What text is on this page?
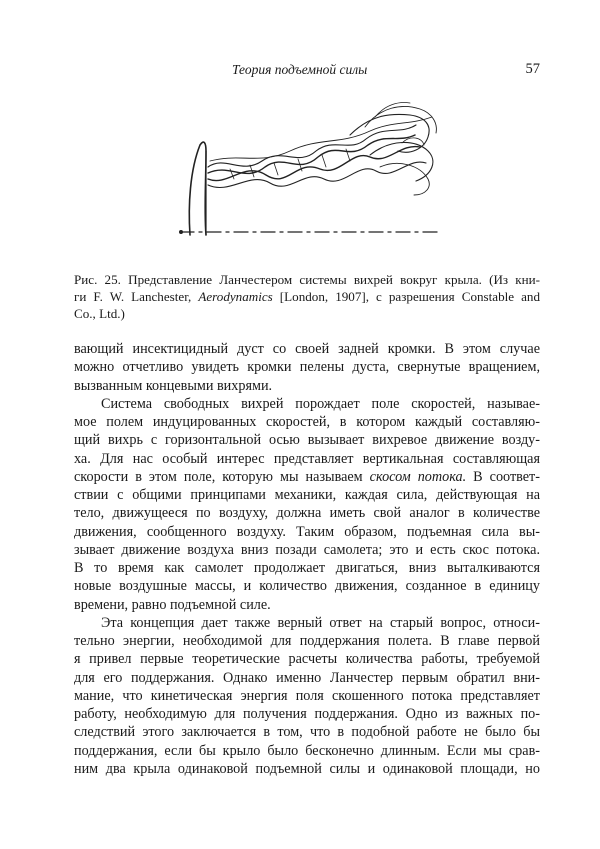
Теория подъемной силы	57
Рис. 25. Представление Ланчестером системы вихрей вокруг крыла. (Из кни-
ги F. W. Lanchester, Aerodynamics [London, 1907], с разрешения Constable and
Co., Ltd.)

вающий инсектицидный дуст со своей задней кромки. В этом случае
можно отчетливо увидеть кромки пелены дуста, свернутые вращением,
вызванным концевыми вихрями.

Система свободных вихрей порождает поле скоростей, называе-
мое полем индуцированных скоростей, в котором каждый составляю-
щий вихрь с горизонтальной осью вызывает вихревое движение возду-
ха. Для нас особый интерес представляет вертикальная составляющая
скорости в этом поле, которую мы называем скосом потока. В соответ-
ствии с общими принципами механики, каждая сила, действующая на
тело, движущееся по воздуху, должна иметь свой аналог в количестве
движения, сообщенного воздуху. Таким образом, подъемная сила вы-
зывает движение воздуха вниз позади самолета; это и есть скос потока.
В то время как самолет продолжает двигаться, вниз выталкиваются
новые воздушные массы, и количество движения, созданное в единицу
времени, равно подъемной силе.

Эта концепция дает также верный ответ на старый вопрос, относи-
тельно энергии, необходимой для поддержания полета. В главе первой
я привел первые теоретические расчеты количества работы, требуемой
для его поддержания. Однако именно Ланчестер первым обратил вни-
мание, что кинетическая энергия поля скошенного потока представляет
работу, необходимую для получения поддержания. Одно из важных по-
следствий этого заключается в том, что в подобной работе не было бы
поддержания, если бы крыло было бесконечно длинным. Если мы срав-
ним два крыла одинаковой подъемной силы и одинаковой площади, но
